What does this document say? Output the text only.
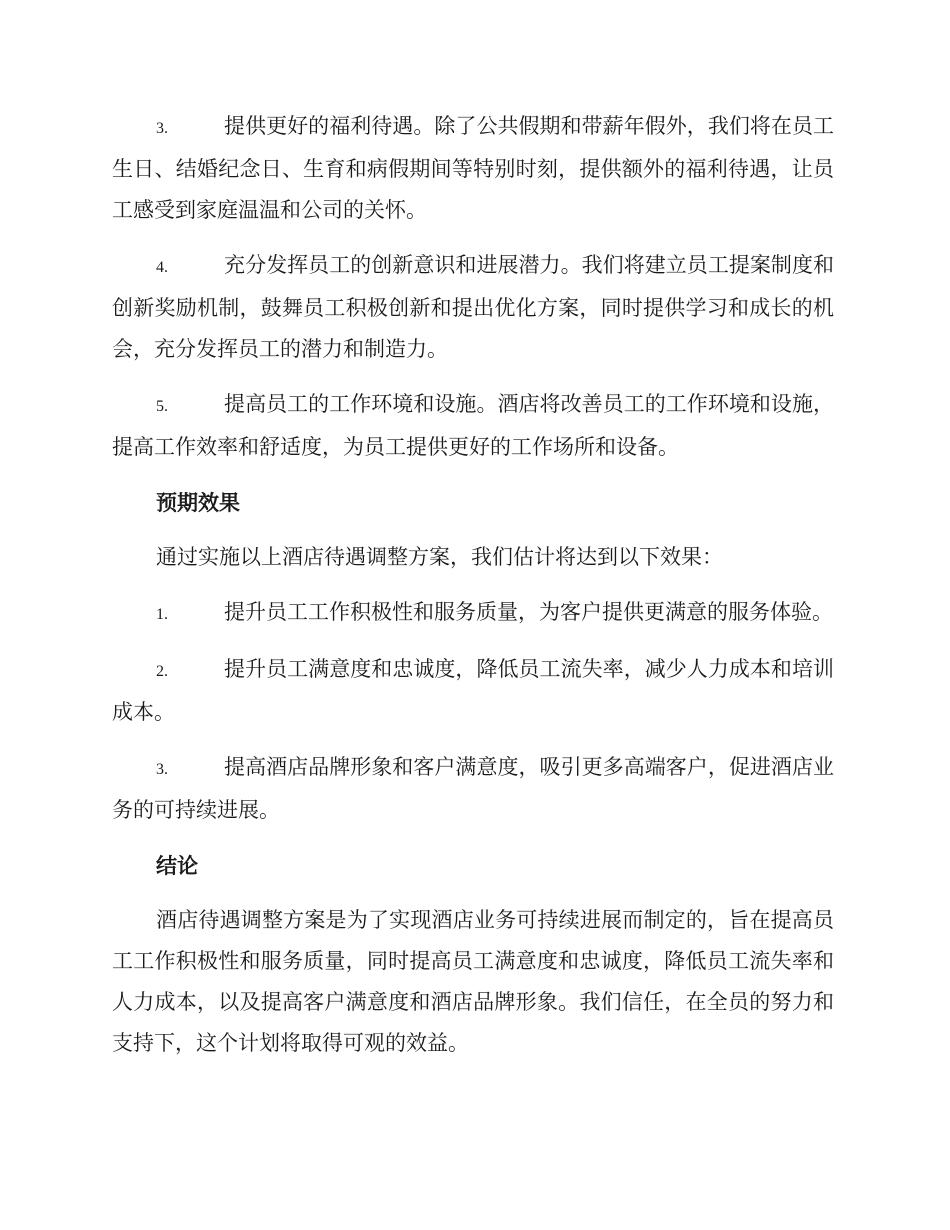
3.	提供更好的福利待遇。除了公共假期和带薪年假外，我们将在员工生日、结婚纪念日、生育和病假期间等特别时刻，提供额外的福利待遇，让员工感受到家庭温温和公司的关怀。

4.	充分发挥员工的创新意识和进展潜力。我们将建立员工提案制度和创新奖励机制，鼓舞员工积极创新和提出优化方案，同时提供学习和成长的机会，充分发挥员工的潜力和制造力。

5.	提高员工的工作环境和设施。酒店将改善员工的工作环境和设施，提高工作效率和舒适度，为员工提供更好的工作场所和设备。

预期效果

通过实施以上酒店待遇调整方案，我们估计将达到以下效果：

1.	提升员工工作积极性和服务质量，为客户提供更满意的服务体验。

2.	提升员工满意度和忠诚度，降低员工流失率，减少人力成本和培训成本。

3.	提高酒店品牌形象和客户满意度，吸引更多高端客户，促进酒店业务的可持续进展。

结论

酒店待遇调整方案是为了实现酒店业务可持续进展而制定的，旨在提高员工工作积极性和服务质量，同时提高员工满意度和忠诚度，降低员工流失率和人力成本，以及提高客户满意度和酒店品牌形象。我们信任，在全员的努力和支持下，这个计划将取得可观的效益。
